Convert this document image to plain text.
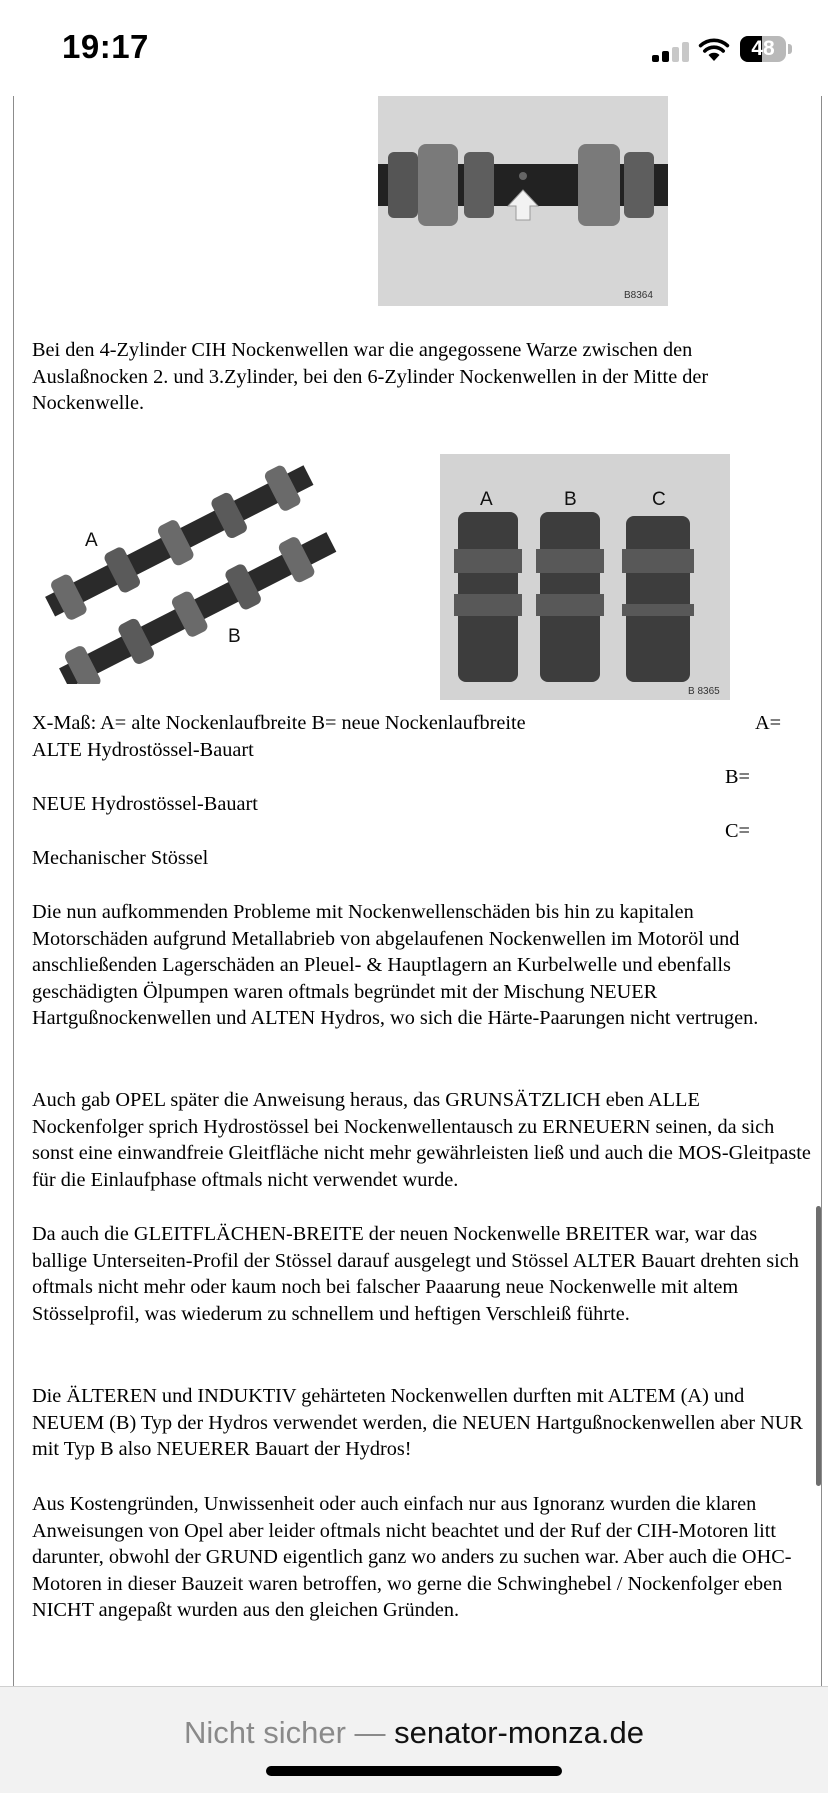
19:17	48
B8364

Bei den 4-Zylinder CIH Nockenwellen war die angegossene Warze zwischen den Auslaßnocken 2. und 3.Zylinder, bei den 6-Zylinder Nockenwellen in der Mitte der Nockenwelle.

A
B
A	B	C
B 8365

X-Maß: A= alte Nockenlaufbreite B= neue Nockenlaufbreite	A=

ALTE Hydrostössel-Bauart

B=

NEUE Hydrostössel-Bauart

C=

Mechanischer Stössel

Die nun aufkommenden Probleme mit Nockenwellenschäden bis hin zu kapitalen Motorschäden aufgrund Metallabrieb von abgelaufenen Nockenwellen im Motoröl und anschließenden Lagerschäden an Pleuel- & Hauptlagern an Kurbelwelle und ebenfalls geschädigten Ölpumpen waren oftmals begründet mit der Mischung NEUER Hartgußnockenwellen und ALTEN Hydros, wo sich die Härte-Paarungen nicht vertrugen.

Auch gab OPEL später die Anweisung heraus, das GRUNSÄTZLICH eben ALLE Nockenfolger sprich Hydrostössel bei Nockenwellentausch zu ERNEUERN seinen, da sich sonst eine einwandfreie Gleitfläche nicht mehr gewährleisten ließ und auch die MOS-Gleitpaste für die Einlaufphase oftmals nicht verwendet wurde.

Da auch die GLEITFLÄCHEN-BREITE der neuen Nockenwelle BREITER war, war das ballige Unterseiten-Profil der Stössel darauf ausgelegt und Stössel ALTER Bauart drehten sich oftmals nicht mehr oder kaum noch bei falscher Paaarung neue Nockenwelle mit altem Stösselprofil, was wiederum zu schnellem und heftigen Verschleiß führte.

Die ÄLTEREN und INDUKTIV gehärteten Nockenwellen durften mit ALTEM (A) und NEUEM (B) Typ der Hydros verwendet werden, die NEUEN Hartgußnockenwellen aber NUR mit Typ B also NEUERER Bauart der Hydros!

Aus Kostengründen, Unwissenheit oder auch einfach nur aus Ignoranz wurden die klaren Anweisungen von Opel aber leider oftmals nicht beachtet und der Ruf der CIH-Motoren litt darunter, obwohl der GRUND eigentlich ganz wo anders zu suchen war. Aber auch die OHC-Motoren in dieser Bauzeit waren betroffen, wo gerne die Schwinghebel / Nockenfolger eben NICHT angepaßt wurden aus den gleichen Gründen.

Nicht sicher — senator-monza.de
